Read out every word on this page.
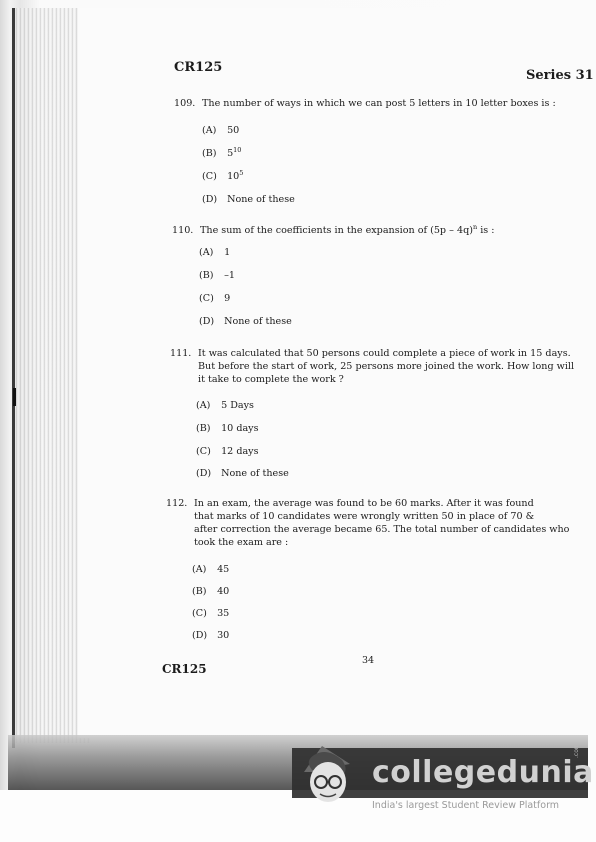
CR125
Series 31
109. The number of ways in which we can post 5 letters in 10 letter boxes is :
(A) 50
(B) $5^{10}$
(C) $10^5$
(D) None of these
110. The sum of the coefficients in the expansion of (5p – 4q)$^n$ is :
(A) 1
(B) –1
(C) 9
(D) None of these
111. It was calculated that 50 persons could complete a piece of work in 15 days.
But before the start of work, 25 persons more joined the work. How long will
it take to complete the work ?
(A) 5 Days
(B) 10 days
(C) 12 days
(D) None of these
112. In an exam, the average was found to be 60 marks. After it was found
that marks of 10 candidates were wrongly written 50 in place of 70 &
after correction the average became 65. The total number of candidates who
took the exam are :
(A) 45
(B) 40
(C) 35
(D) 30
34
CR125
collegedunia
.com
India's largest Student Review Platform
